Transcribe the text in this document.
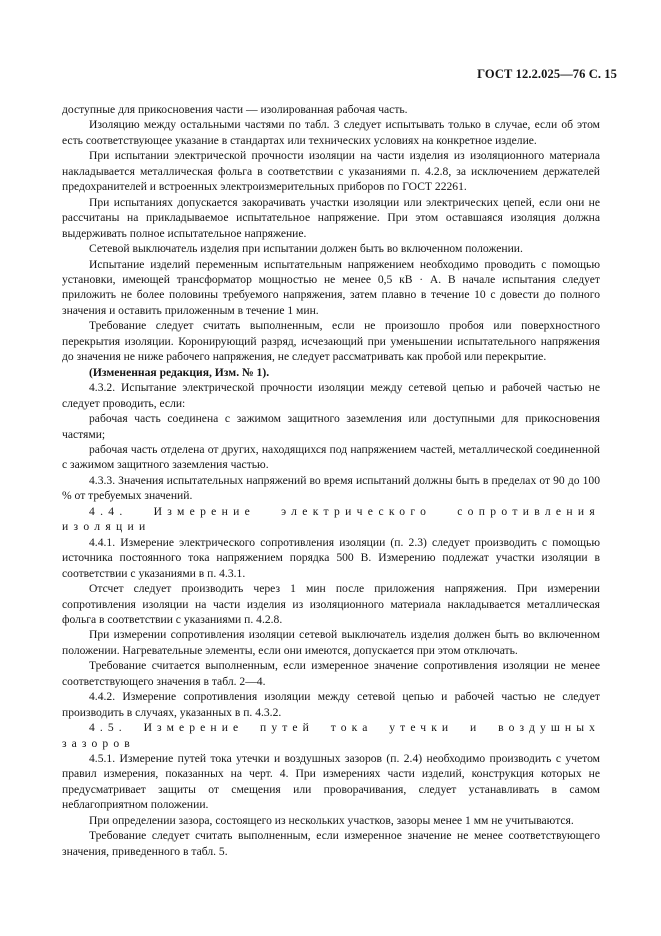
ГОСТ 12.2.025—76 С. 15

доступные для прикосновения части — изолированная рабочая часть.

Изоляцию между остальными частями по табл. 3 следует испытывать только в случае, если об этом есть соответствующее указание в стандартах или технических условиях на конкретное изделие.

При испытании электрической прочности изоляции на части изделия из изоляционного материала накладывается металлическая фольга в соответствии с указаниями п. 4.2.8, за исключением держателей предохранителей и встроенных электроизмерительных приборов по ГОСТ 22261.

При испытаниях допускается закорачивать участки изоляции или электрических цепей, если они не рассчитаны на прикладываемое испытательное напряжение. При этом оставшаяся изоляция должна выдерживать полное испытательное напряжение.

Сетевой выключатель изделия при испытании должен быть во включенном положении.

Испытание изделий переменным испытательным напряжением необходимо проводить с помощью установки, имеющей трансформатор мощностью не менее 0,5 кВ · А. В начале испытания следует приложить не более половины требуемого напряжения, затем плавно в течение 10 с довести до полного значения и оставить приложенным в течение 1 мин.

Требование следует считать выполненным, если не произошло пробоя или поверхностного перекрытия изоляции. Коронирующий разряд, исчезающий при уменьшении испытательного напряжения до значения не ниже рабочего напряжения, не следует рассматривать как пробой или перекрытие.

(Измененная редакция, Изм. № 1).

4.3.2. Испытание электрической прочности изоляции между сетевой цепью и рабочей частью не следует проводить, если:

рабочая часть соединена с зажимом защитного заземления или доступными для прикосновения частями;

рабочая часть отделена от других, находящихся под напряжением частей, металлической соединенной с зажимом защитного заземления частью.

4.3.3. Значения испытательных напряжений во время испытаний должны быть в пределах от 90 до 100 % от требуемых значений.

4.4. Измерение электрического сопротивления изоляции

4.4.1. Измерение электрического сопротивления изоляции (п. 2.3) следует производить с помощью источника постоянного тока напряжением порядка 500 В. Измерению подлежат участки изоляции в соответствии с указаниями в п. 4.3.1.

Отсчет следует производить через 1 мин после приложения напряжения. При измерении сопротивления изоляции на части изделия из изоляционного материала накладывается металлическая фольга в соответствии с указаниями п. 4.2.8.

При измерении сопротивления изоляции сетевой выключатель изделия должен быть во включенном положении. Нагревательные элементы, если они имеются, допускается при этом отключать.

Требование считается выполненным, если измеренное значение сопротивления изоляции не менее соответствующего значения в табл. 2—4.

4.4.2. Измерение сопротивления изоляции между сетевой цепью и рабочей частью не следует производить в случаях, указанных в п. 4.3.2.

4.5. Измерение путей тока утечки и воздушных зазоров

4.5.1. Измерение путей тока утечки и воздушных зазоров (п. 2.4) необходимо производить с учетом правил измерения, показанных на черт. 4. При измерениях части изделий, конструкция которых не предусматривает защиты от смещения или проворачивания, следует устанавливать в самом неблагоприятном положении.

При определении зазора, состоящего из нескольких участков, зазоры менее 1 мм не учитываются.

Требование следует считать выполненным, если измеренное значение не менее соответствующего значения, приведенного в табл. 5.
